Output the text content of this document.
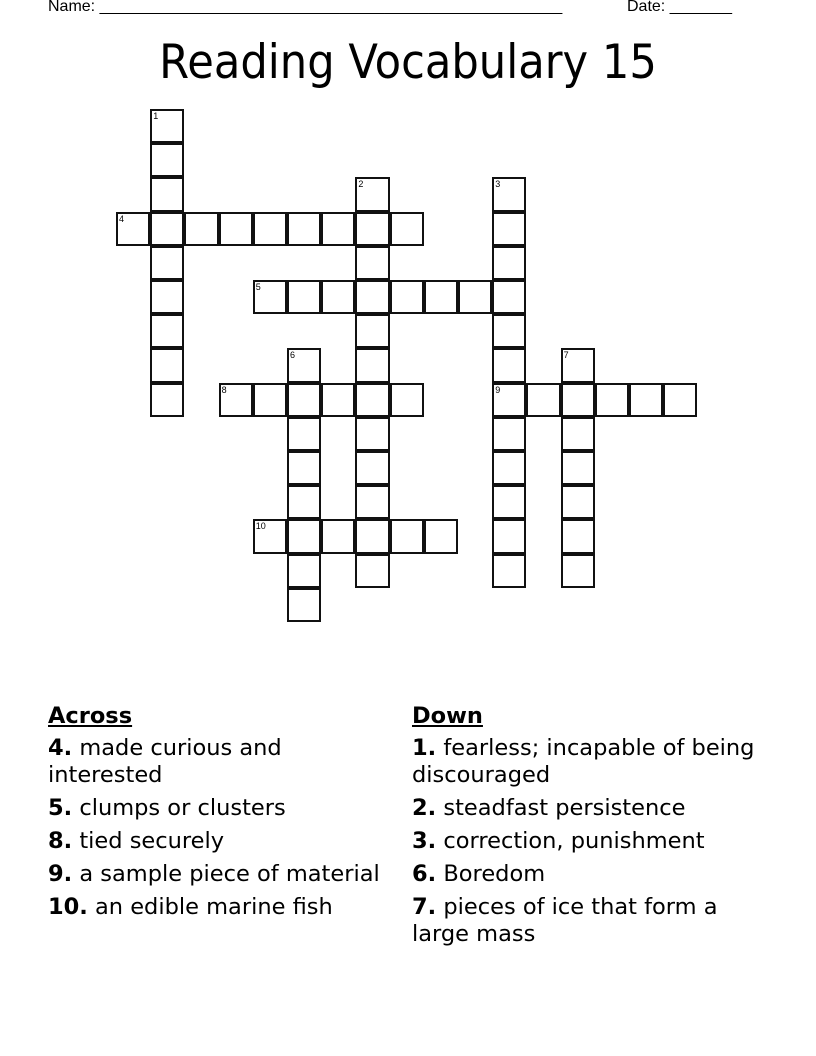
Name: ____________________________________________________	Date: _______
Reading Vocabulary 15
1
2	3
9
4
5
6	7
8
10
Across
4. made curious and interested
5. clumps or clusters
8. tied securely
9. a sample piece of material
10. an edible marine fish
Down
1. fearless; incapable of being discouraged
2. steadfast persistence
3. correction, punishment
6. Boredom
7. pieces of ice that form a large mass
